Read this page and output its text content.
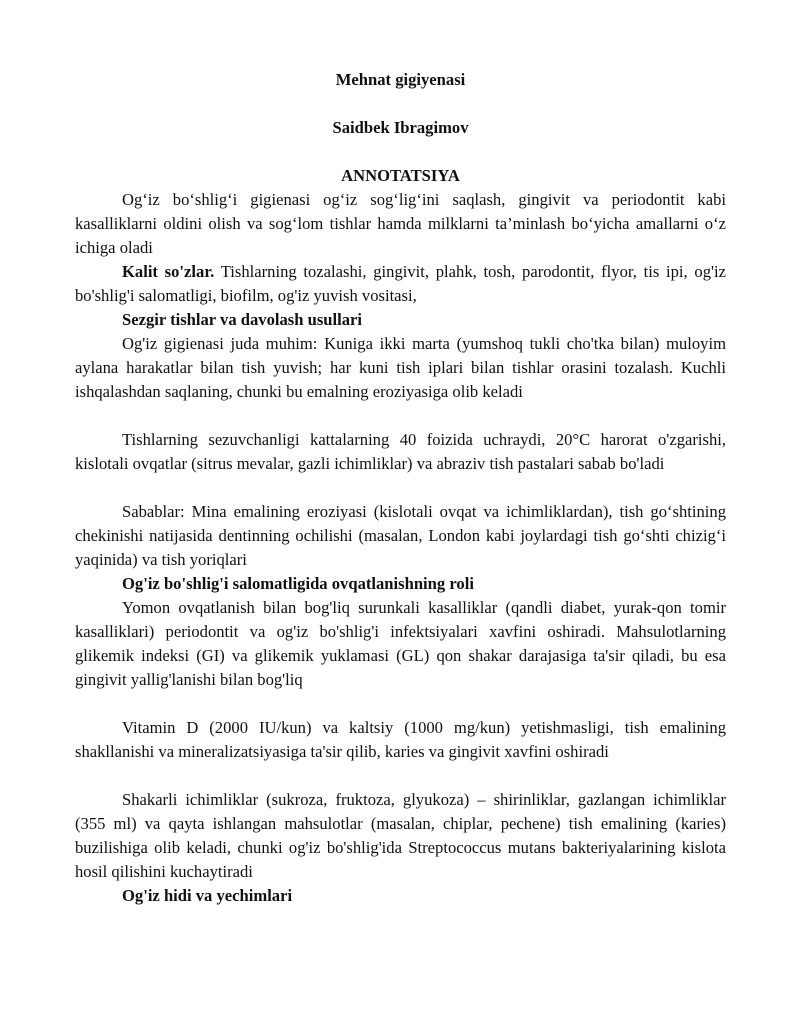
Mehnat gigiyenasi

Saidbek Ibragimov

ANNOTATSIYA

Og‘iz bo‘shlig‘i gigienasi og‘iz sog‘lig‘ini saqlash, gingivit va periodontit kabi kasalliklarni oldini olish va sog‘lom tishlar hamda milklarni ta’minlash bo‘yicha amallarni o‘z ichiga oladi

Kalit so'zlar. Tishlarning tozalashi, gingivit, plahk, tosh, parodontit, flyor, tis ipi, og'iz bo'shlig'i salomatligi, biofilm, og'iz yuvish vositasi,

Sezgir tishlar va davolash usullari

Og'iz gigienasi juda muhim: Kuniga ikki marta (yumshoq tukli cho'tka bilan) muloyim aylana harakatlar bilan tish yuvish; har kuni tish iplari bilan tishlar orasini tozalash. Kuchli ishqalashdan saqlaning, chunki bu emalning eroziyasiga olib keladi

Tishlarning sezuvchanligi kattalarning 40 foizida uchraydi, 20°C harorat o'zgarishi, kislotali ovqatlar (sitrus mevalar, gazli ichimliklar) va abraziv tish pastalari sabab bo'ladi

Sabablar: Mina emalining eroziyasi (kislotali ovqat va ichimliklardan), tish go‘shtining chekinishi natijasida dentinning ochilishi (masalan, London kabi joylardagi tish go‘shti chizig‘i yaqinida) va tish yoriqlari

Og'iz bo'shlig'i salomatligida ovqatlanishning roli

Yomon ovqatlanish bilan bog'liq surunkali kasalliklar (qandli diabet, yurak-qon tomir kasalliklari) periodontit va og'iz bo'shlig'i infektsiyalari xavfini oshiradi. Mahsulotlarning glikemik indeksi (GI) va glikemik yuklamasi (GL) qon shakar darajasiga ta'sir qiladi, bu esa gingivit yallig'lanishi bilan bog'liq

Vitamin D (2000 IU/kun) va kaltsiy (1000 mg/kun) yetishmasligi, tish emalining shakllanishi va mineralizatsiyasiga ta'sir qilib, karies va gingivit xavfini oshiradi

Shakarli ichimliklar (sukroza, fruktoza, glyukoza) – shirinliklar, gazlangan ichimliklar (355 ml) va qayta ishlangan mahsulotlar (masalan, chiplar, pechene) tish emalining (karies) buzilishiga olib keladi, chunki og'iz bo'shlig'ida Streptococcus mutans bakteriyalarining kislota hosil qilishini kuchaytiradi

Og'iz hidi va yechimlari
